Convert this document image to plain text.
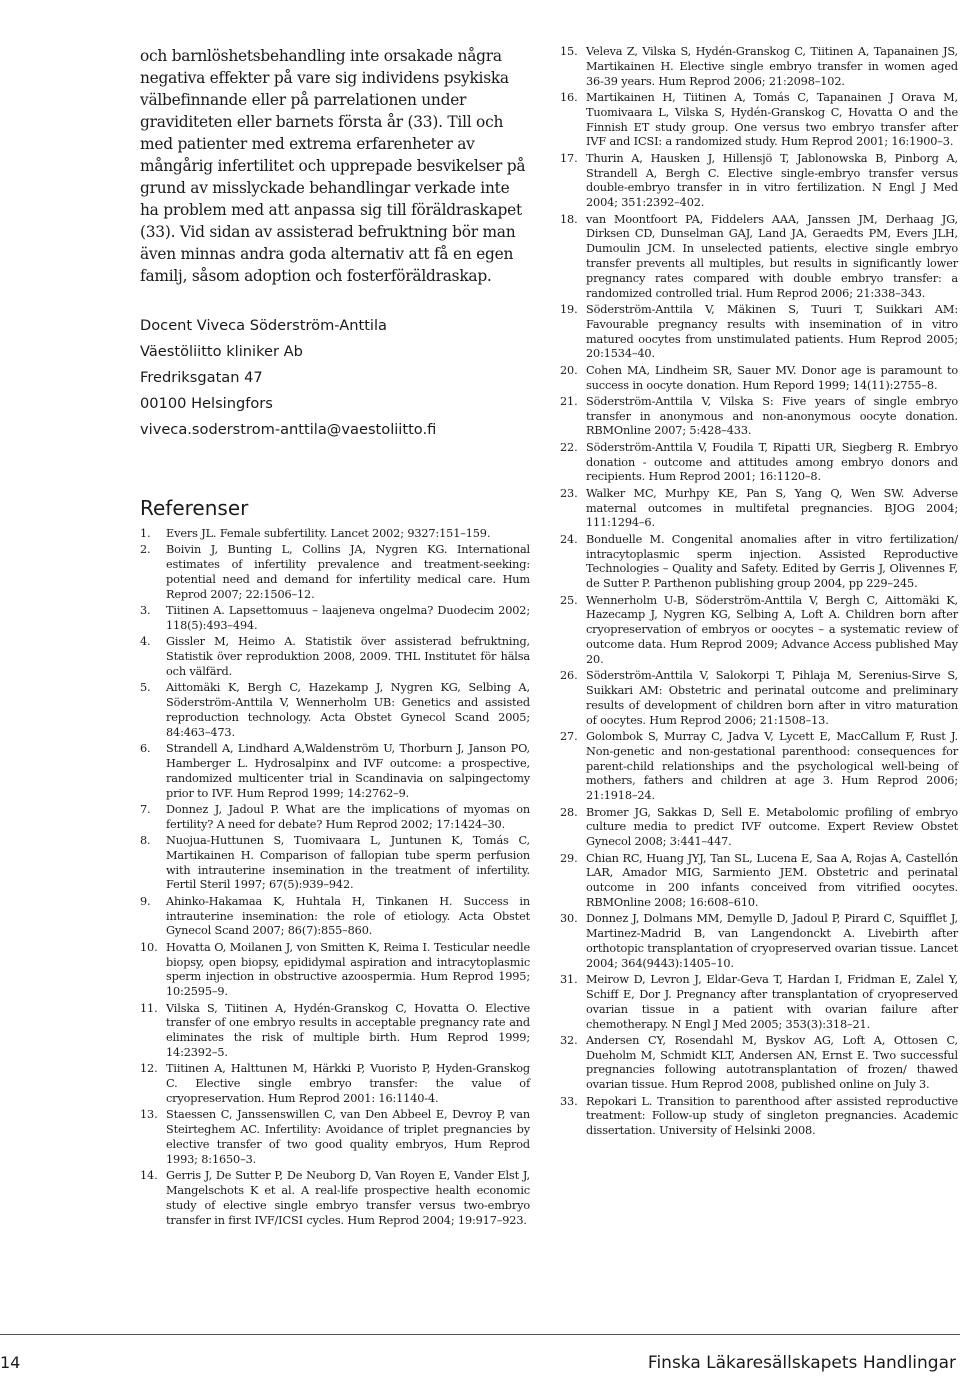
och barnlöshetsbehandling inte orsakade några negativa effekter på vare sig individens psykiska välbefinnande eller på parrelationen under graviditeten eller barnets första år (33). Till och med patienter med extrema erfarenheter av mångårig infertilitet och upprepade besvikelser på grund av misslyckade behandlingar verkade inte ha problem med att anpassa sig till föräldraskapet (33). Vid sidan av assisterad befruktning bör man även minnas andra goda alternativ att få en egen familj, såsom adoption och fosterföräldraskap.

Docent Viveca Söderström-Anttila
Väestöliitto kliniker Ab
Fredriksgatan 47
00100 Helsingfors
viveca.soderstrom-anttila@vaestoliitto.fi
Referenser
1.	Evers JL. Female subfertility. Lancet 2002; 9327:151–159.
2.	Boivin J, Bunting L, Collins JA, Nygren KG. International estimates of infertility prevalence and treatment-seeking: potential need and demand for infertility medical care. Hum Reprod 2007; 22:1506–12.
3.	Tiitinen A. Lapsettomuus – laajeneva ongelma? Duodecim 2002; 118(5):493–494.
4.	Gissler M, Heimo A. Statistik över assisterad befruktning, Statistik över reproduktion 2008, 2009. THL Institutet för hälsa och välfärd.
5.	Aittomäki K, Bergh C, Hazekamp J, Nygren KG, Selbing A, Söderström-Anttila V, Wennerholm UB: Genetics and assisted reproduction technology. Acta Obstet Gynecol Scand 2005; 84:463–473.
6.	Strandell A, Lindhard A,Waldenström U, Thorburn J, Janson PO, Hamberger L. Hydrosalpinx and IVF outcome: a prospective, randomized multicenter trial in Scandinavia on salpingectomy prior to IVF. Hum Reprod 1999; 14:2762–9.
7.	Donnez J, Jadoul P. What are the implications of myomas on fertility? A need for debate? Hum Reprod 2002; 17:1424–30.
8.	Nuojua-Huttunen S, Tuomivaara L, Juntunen K, Tomás C, Martikainen H. Comparison of fallopian tube sperm perfusion with intrauterine insemination in the treatment of infertility. Fertil Steril 1997; 67(5):939–942.
9.	Ahinko-Hakamaa K, Huhtala H, Tinkanen H. Success in intrauterine insemination: the role of etiology. Acta Obstet Gynecol Scand 2007; 86(7):855–860.
10. Hovatta O, Moilanen J, von Smitten K, Reima I. Testicular needle biopsy, open biopsy, epididymal aspiration and intracytoplasmic sperm injection in obstructive azoospermia. Hum Reprod 1995; 10:2595–9.
11. Vilska S, Tiitinen A, Hydén-Granskog C, Hovatta O. Elective transfer of one embryo results in acceptable pregnancy rate and eliminates the risk of multiple birth. Hum Reprod 1999; 14:2392–5.
12. Tiitinen A, Halttunen M, Härkki P, Vuoristo P, Hyden-Granskog C. Elective single embryo transfer: the value of cryopreservation. Hum Reprod 2001: 16:1140-4.
13. Staessen C, Janssenswillen C, van Den Abbeel E, Devroy P, van Steirteghem AC. Infertility: Avoidance of triplet pregnancies by elective transfer of two good quality embryos, Hum Reprod 1993; 8:1650–3.
14. Gerris J, De Sutter P, De Neuborg D, Van Royen E, Vander Elst J, Mangelschots K et al. A real-life prospective health economic study of elective single embryo transfer versus two-embryo transfer in first IVF/ICSI cycles. Hum Reprod 2004; 19:917–923.
15. Veleva Z, Vilska S, Hydén-Granskog C, Tiitinen A, Tapanainen JS, Martikainen H. Elective single embryo transfer in women aged 36-39 years. Hum Reprod 2006; 21:2098–102.
16. Martikainen H, Tiitinen A, Tomás C, Tapanainen J Orava M, Tuomivaara L, Vilska S, Hydén-Granskog C, Hovatta O and the Finnish ET study group. One versus two embryo transfer after IVF and ICSI: a randomized study. Hum Reprod 2001; 16:1900–3.
17. Thurin A, Hausken J, Hillensjö T, Jablonowska B, Pinborg A, Strandell A, Bergh C. Elective single-embryo transfer versus double-embryo transfer in in vitro fertilization. N Engl J Med 2004; 351:2392–402.
18. van Moontfoort PA, Fiddelers AAA, Janssen JM, Derhaag JG, Dirksen CD, Dunselman GAJ, Land JA, Geraedts PM, Evers JLH, Dumoulin JCM. In unselected patients, elective single embryo transfer prevents all multiples, but results in significantly lower pregnancy rates compared with double embryo transfer: a randomized controlled trial. Hum Reprod 2006; 21:338–343.
19. Söderström-Anttila V, Mäkinen S, Tuuri T, Suikkari AM: Favourable pregnancy results with insemination of in vitro matured oocytes from unstimulated patients. Hum Reprod 2005; 20:1534–40.
20. Cohen MA, Lindheim SR, Sauer MV. Donor age is paramount to success in oocyte donation. Hum Repord 1999; 14(11):2755–8.
21. Söderström-Anttila V, Vilska S: Five years of single embryo transfer in anonymous and non-anonymous oocyte donation. RBMOnline 2007; 5:428–433.
22. Söderström-Anttila V, Foudila T, Ripatti UR, Siegberg R. Embryo donation - outcome and attitudes among embryo donors and recipients. Hum Reprod 2001; 16:1120–8.
23. Walker MC, Murhpy KE, Pan S, Yang Q, Wen SW. Adverse maternal outcomes in multifetal pregnancies. BJOG 2004; 111:1294–6.
24. Bonduelle M. Congenital anomalies after in vitro fertilization/ intracytoplasmic sperm injection. Assisted Reproductive Technologies – Quality and Safety. Edited by Gerris J, Olivennes F, de Sutter P. Parthenon publishing group 2004, pp 229–245.
25. Wennerholm U-B, Söderström-Anttila V, Bergh C, Aittomäki K, Hazecamp J, Nygren KG, Selbing A, Loft A. Children born after cryopreservation of embryos or oocytes – a systematic review of outcome data. Hum Reprod 2009; Advance Access published May 20.
26. Söderström-Anttila V, Salokorpi T, Pihlaja M, Serenius-Sirve S, Suikkari AM: Obstetric and perinatal outcome and preliminary results of development of children born after in vitro maturation of oocytes. Hum Reprod 2006; 21:1508–13.
27. Golombok S, Murray C, Jadva V, Lycett E, MacCallum F, Rust J. Non-genetic and non-gestational parenthood: consequences for parent-child relationships and the psychological well-being of mothers, fathers and children at age 3. Hum Reprod 2006; 21:1918–24.
28. Bromer JG, Sakkas D, Sell E. Metabolomic profiling of embryo culture media to predict IVF outcome. Expert Review Obstet Gynecol 2008; 3:441–447.
29. Chian RC, Huang JYJ, Tan SL, Lucena E, Saa A, Rojas A, Castellón LAR, Amador MIG, Sarmiento JEM. Obstetric and perinatal outcome in 200 infants conceived from vitrified oocytes. RBMOnline 2008; 16:608–610.
30. Donnez J, Dolmans MM, Demylle D, Jadoul P, Pirard C, Squifflet J, Martinez-Madrid B, van Langendonckt A. Livebirth after orthotopic transplantation of cryopreserved ovarian tissue. Lancet 2004; 364(9443):1405–10.
31. Meirow D, Levron J, Eldar-Geva T, Hardan I, Fridman E, Zalel Y, Schiff E, Dor J. Pregnancy after transplantation of cryopreserved ovarian tissue in a patient with ovarian failure after chemotherapy. N Engl J Med 2005; 353(3):318–21.
32. Andersen CY, Rosendahl M, Byskov AG, Loft A, Ottosen C, Dueholm M, Schmidt KLT, Andersen AN, Ernst E. Two successful pregnancies following autotransplantation of frozen/ thawed ovarian tissue. Hum Reprod 2008, published online on July 3.
33. Repokari L. Transition to parenthood after assisted reproductive treatment: Follow-up study of singleton pregnancies. Academic dissertation. University of Helsinki 2008.
14	Finska Läkaresällskapets Handlingar
